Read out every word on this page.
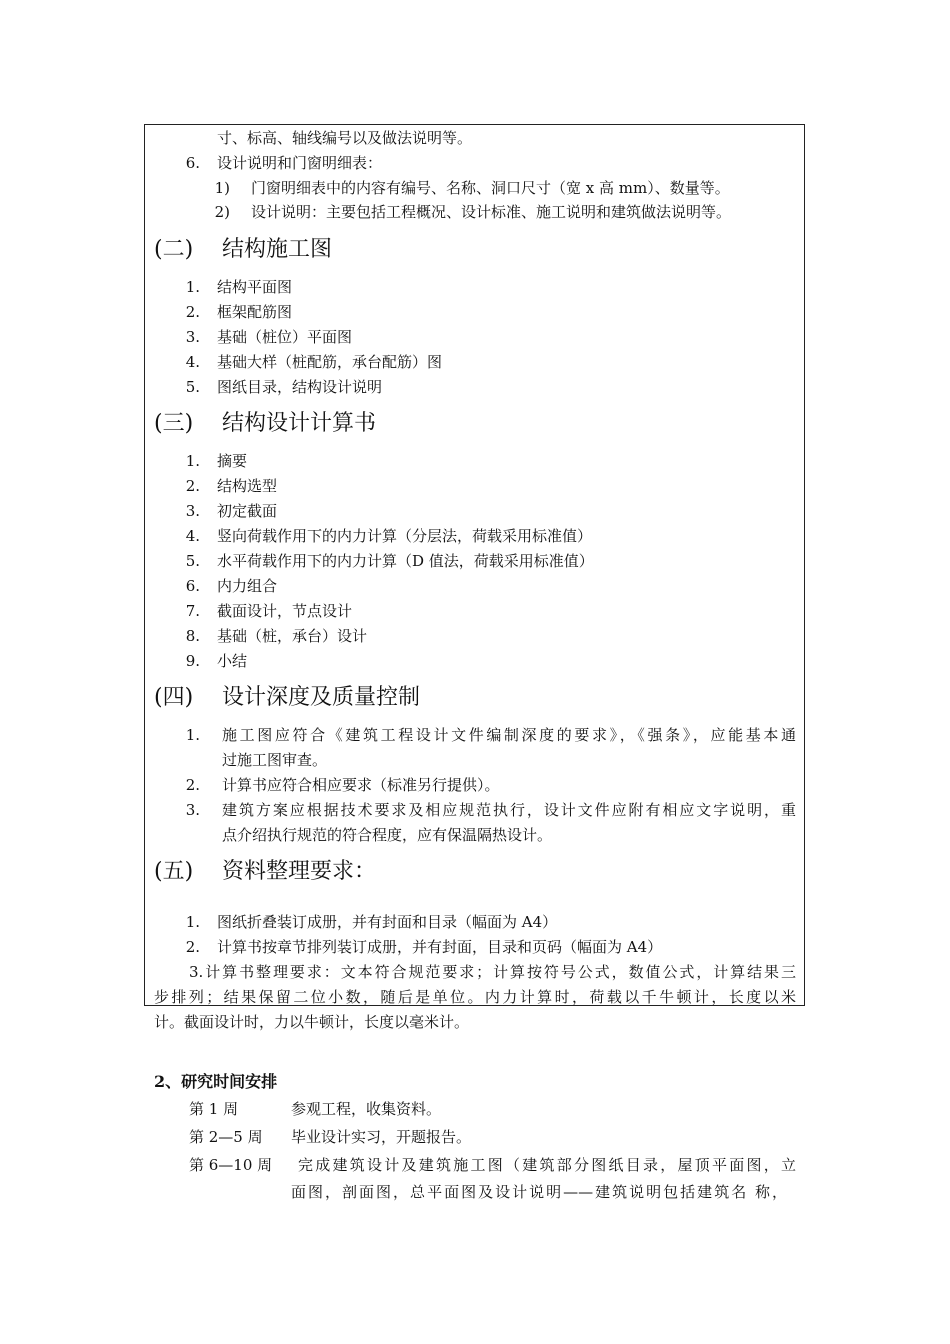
寸、标高、轴线编号以及做法说明等。
6. 设计说明和门窗明细表：
1) 门窗明细表中的内容有编号、名称、洞口尺寸（宽 x 高 mm）、数量等。
2) 设计说明：主要包括工程概况、设计标准、施工说明和建筑做法说明等。
(二) 结构施工图
1. 结构平面图
2. 框架配筋图
3. 基础（桩位）平面图
4. 基础大样（桩配筋，承台配筋）图
5. 图纸目录，结构设计说明
(三) 结构设计计算书
1. 摘要
2. 结构选型
3. 初定截面
4. 竖向荷载作用下的内力计算（分层法，荷载采用标准值）
5. 水平荷载作用下的内力计算（D 值法，荷载采用标准值）
6. 内力组合
7. 截面设计，节点设计
8. 基础（桩，承台）设计
9. 小结
(四) 设计深度及质量控制
1. 施工图应符合《建筑工程设计文件编制深度的要求》，《强条》，应能基本通
过施工图审查。
2. 计算书应符合相应要求（标准另行提供）。
3. 建筑方案应根据技术要求及相应规范执行，设计文件应附有相应文字说明，重
点介绍执行规范的符合程度，应有保温隔热设计。
(五) 资料整理要求：
1. 图纸折叠装订成册，并有封面和目录（幅面为 A4）
2. 计算书按章节排列装订成册，并有封面，目录和页码（幅面为 A4）
3.计算书整理要求：文本符合规范要求；计算按符号公式，数值公式，计算结果三
步排列；结果保留二位小数，随后是单位。内力计算时，荷载以千牛顿计，长度以米
计。截面设计时，力以牛顿计，长度以毫米计。
2、研究时间安排
第 1 周	参观工程，收集资料。
第 2—5 周 毕业设计实习，开题报告。
第 6—10 周 完成建筑设计及建筑施工图（建筑部分图纸目录，屋顶平面图，立
面图，剖面图，总平面图及设计说明——建筑说明包括建筑名 称，
